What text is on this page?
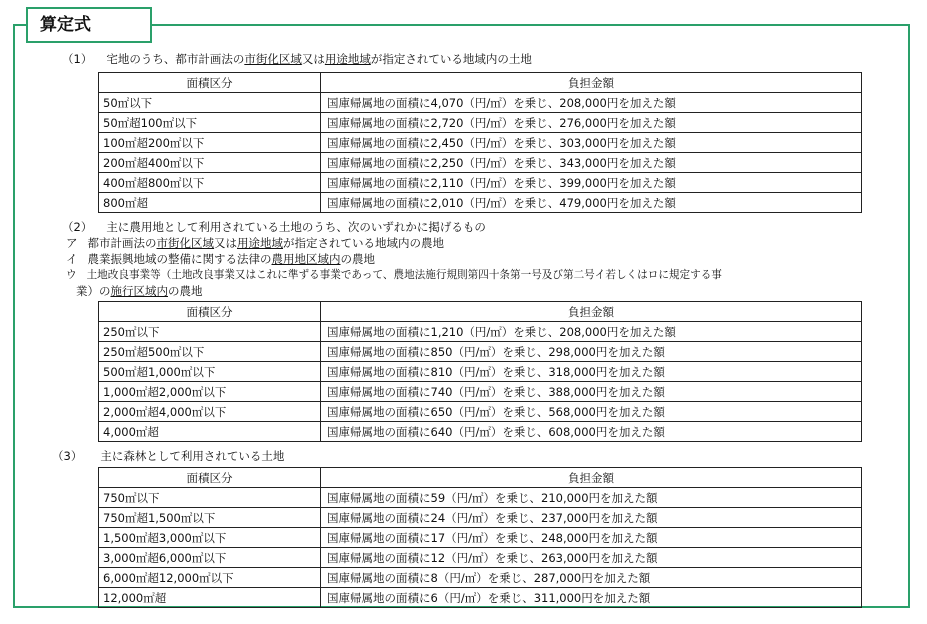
算定式
（1） 宅地のうち、都市計画法の市街化区域又は用途地域が指定されている地域内の土地
面積区分	負担金額
50㎡以下	国庫帰属地の面積に4,070（円/㎡）を乗じ、208,000円を加えた額
50㎡超100㎡以下	国庫帰属地の面積に2,720（円/㎡）を乗じ、276,000円を加えた額
100㎡超200㎡以下	国庫帰属地の面積に2,450（円/㎡）を乗じ、303,000円を加えた額
200㎡超400㎡以下	国庫帰属地の面積に2,250（円/㎡）を乗じ、343,000円を加えた額
400㎡超800㎡以下	国庫帰属地の面積に2,110（円/㎡）を乗じ、399,000円を加えた額
800㎡超	国庫帰属地の面積に2,010（円/㎡）を乗じ、479,000円を加えた額
（2） 主に農用地として利用されている土地のうち、次のいずれかに掲げるもの
ア 都市計画法の市街化区域又は用途地域が指定されている地域内の農地
イ 農業振興地域の整備に関する法律の農用地区域内の農地
ウ 土地改良事業等（土地改良事業又はこれに準ずる事業であって、農地法施行規則第四十条第一号及び第二号イ若しくはロに規定する事
業）の施行区域内の農地
面積区分	負担金額
250㎡以下	国庫帰属地の面積に1,210（円/㎡）を乗じ、208,000円を加えた額
250㎡超500㎡以下	国庫帰属地の面積に850（円/㎡）を乗じ、298,000円を加えた額
500㎡超1,000㎡以下	国庫帰属地の面積に810（円/㎡）を乗じ、318,000円を加えた額
1,000㎡超2,000㎡以下	国庫帰属地の面積に740（円/㎡）を乗じ、388,000円を加えた額
2,000㎡超4,000㎡以下	国庫帰属地の面積に650（円/㎡）を乗じ、568,000円を加えた額
4,000㎡超	国庫帰属地の面積に640（円/㎡）を乗じ、608,000円を加えた額
（3） 主に森林として利用されている土地
面積区分	負担金額
750㎡以下	国庫帰属地の面積に59（円/㎡）を乗じ、210,000円を加えた額
750㎡超1,500㎡以下	国庫帰属地の面積に24（円/㎡）を乗じ、237,000円を加えた額
1,500㎡超3,000㎡以下	国庫帰属地の面積に17（円/㎡）を乗じ、248,000円を加えた額
3,000㎡超6,000㎡以下	国庫帰属地の面積に12（円/㎡）を乗じ、263,000円を加えた額
6,000㎡超12,000㎡以下	国庫帰属地の面積に8（円/㎡）を乗じ、287,000円を加えた額
12,000㎡超	国庫帰属地の面積に6（円/㎡）を乗じ、311,000円を加えた額
